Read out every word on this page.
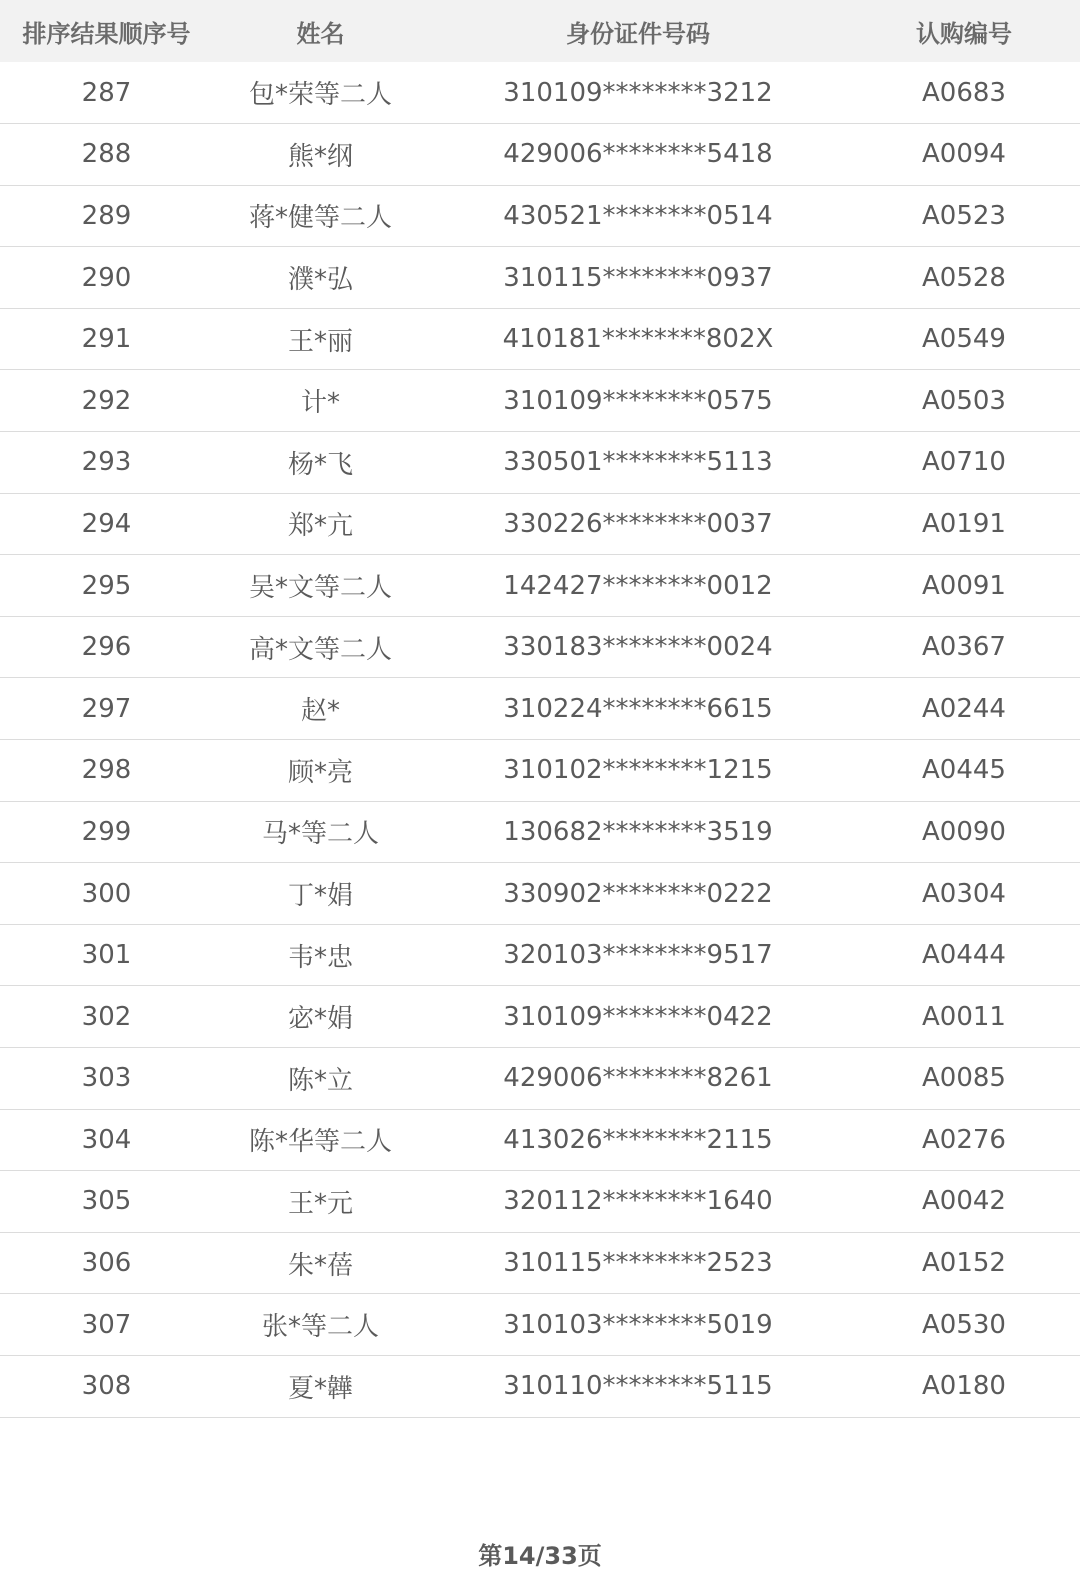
排序结果顺序号	姓名	身份证件号码	认购编号
287	包*荣等二人	310109********3212	A0683
288	熊*纲	429006********5418	A0094
289	蒋*健等二人	430521********0514	A0523
290	濮*弘	310115********0937	A0528
291	王*丽	410181********802X	A0549
292	计*	310109********0575	A0503
293	杨*飞	330501********5113	A0710
294	郑*亢	330226********0037	A0191
295	吴*文等二人	142427********0012	A0091
296	高*文等二人	330183********0024	A0367
297	赵*	310224********6615	A0244
298	顾*亮	310102********1215	A0445
299	马*等二人	130682********3519	A0090
300	丁*娟	330902********0222	A0304
301	韦*忠	320103********9517	A0444
302	宓*娟	310109********0422	A0011
303	陈*立	429006********8261	A0085
304	陈*华等二人	413026********2115	A0276
305	王*元	320112********1640	A0042
306	朱*蓓	310115********2523	A0152
307	张*等二人	310103********5019	A0530
308	夏*韡	310110********5115	A0180
第14/33页
